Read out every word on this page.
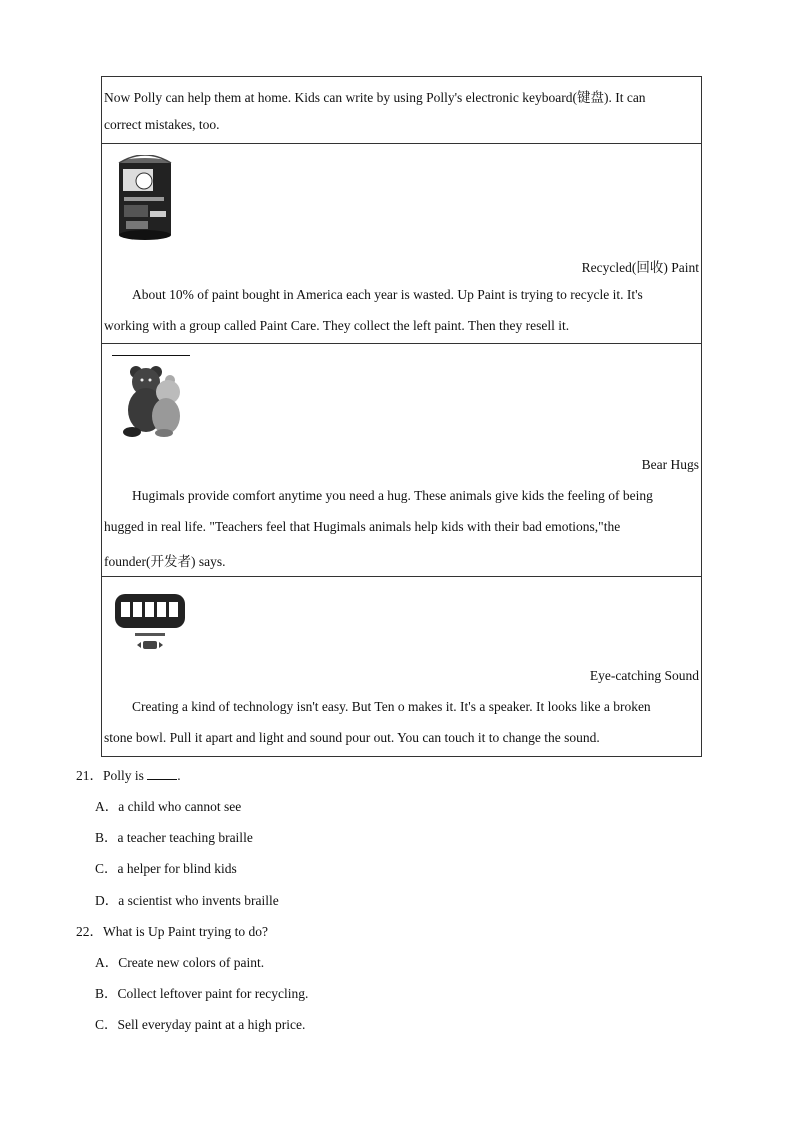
Now Polly can help them at home. Kids can write by using Polly's electronic keyboard(键盘). It can
correct mistakes, too.
Recycled(回收) Paint
About 10% of paint bought in America each year is wasted. Up Paint is trying to recycle it. It's
working with a group called Paint Care. They collect the left paint. Then they resell it.
Bear Hugs
Hugimals provide comfort anytime you need a hug. These animals give kids the feeling of being
hugged in real life. "Teachers feel that Hugimals animals help kids with their bad emotions,"the
founder(开发者) says.
Eye-catching Sound
Creating a kind of technology isn't easy. But Ten o makes it. It's a speaker. It looks like a broken
stone bowl. Pull it apart and light and sound pour out. You can touch it to change the sound.
21．Polly is .
A．a child who cannot see
B．a teacher teaching braille
C．a helper for blind kids
D．a scientist who invents braille
22．What is Up Paint trying to do?
A．Create new colors of paint.
B．Collect leftover paint for recycling.
C．Sell everyday paint at a high price.
